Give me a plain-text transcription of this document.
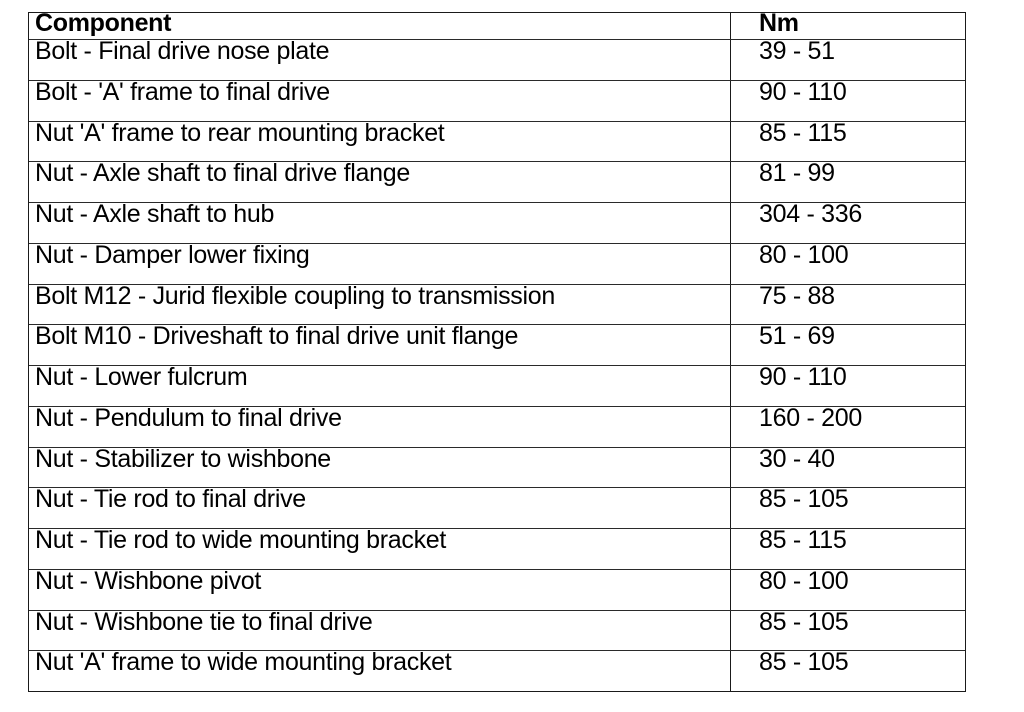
Component	Nm
Bolt - Final drive nose plate	39 - 51
Bolt - 'A' frame to final drive	90 - 110
Nut 'A' frame to rear mounting bracket	85 - 115
Nut - Axle shaft to final drive flange	81 - 99
Nut - Axle shaft to hub	304 - 336
Nut - Damper lower fixing	80 - 100
Bolt M12 - Jurid flexible coupling to transmission	75 - 88
Bolt M10 - Driveshaft to final drive unit flange	51 - 69
Nut - Lower fulcrum	90 - 110
Nut - Pendulum to final drive	160 - 200
Nut - Stabilizer to wishbone	30 - 40
Nut - Tie rod to final drive	85 - 105
Nut - Tie rod to wide mounting bracket	85 - 115
Nut - Wishbone pivot	80 - 100
Nut - Wishbone tie to final drive	85 - 105
Nut 'A' frame to wide mounting bracket	85 - 105
